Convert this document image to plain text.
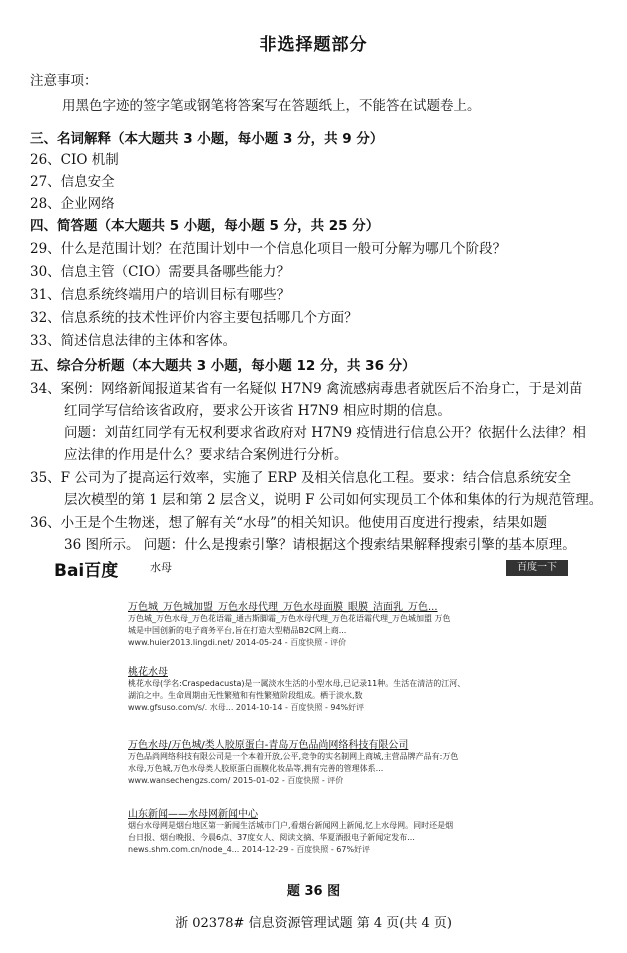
非选择题部分
注意事项：
用黑色字迹的签字笔或钢笔将答案写在答题纸上，不能答在试题卷上。
三、名词解释（本大题共 3 小题，每小题 3 分，共 9 分）
26、CIO 机制
27、信息安全
28、企业网络
四、简答题（本大题共 5 小题，每小题 5 分，共 25 分）
29、什么是范围计划？在范围计划中一个信息化项目一般可分解为哪几个阶段？
30、信息主管（CIO）需要具备哪些能力？
31、信息系统终端用户的培训目标有哪些？
32、信息系统的技术性评价内容主要包括哪几个方面？
33、简述信息法律的主体和客体。
五、综合分析题（本大题共 3 小题，每小题 12 分，共 36 分）
34、案例：网络新闻报道某省有一名疑似 H7N9 禽流感病毒患者就医后不治身亡，于是刘苗
红同学写信给该省政府，要求公开该省 H7N9 相应时期的信息。
问题：刘苗红同学有无权利要求省政府对 H7N9 疫情进行信息公开？依据什么法律？相
应法律的作用是什么？要求结合案例进行分析。
35、F 公司为了提高运行效率，实施了 ERP 及相关信息化工程。要求：结合信息系统安全
层次模型的第 1 层和第 2 层含义，说明 F 公司如何实现员工个体和集体的行为规范管理。
36、小王是个生物迷，想了解有关“水母”的相关知识。他使用百度进行搜索，结果如题
36 图所示。 问题：什么是搜索引擎？请根据这个搜索结果解释搜索引擎的基本原理。
Bai百度	水母	百度一下
万色城_万色城加盟_万色水母代理_万色水母面膜_眼膜_洁面乳_万色...
万色城_万色水母_万色花语霜_通古斯脚霜_万色水母代理_万色花语霜代理_万色城加盟 万色
城是中国创新的电子商务平台,旨在打造大型精品B2C网上商...
www.huier2013.lingdi.net/ 2014-05-24 - 百度快照 - 评价
桃花水母
桃花水母(学名:Craspedacusta)是一属淡水生活的小型水母,已记录11种。生活在清洁的江河、
湖泊之中。生命周期由无性繁殖和有性繁殖阶段组成。栖于淡水,数
www.gfsuso.com/s/. 水母... 2014-10-14 - 百度快照 - 94%好评
万色水母/万色城/类人胶原蛋白-青岛万色品尚网络科技有限公司
万色品尚网络科技有限公司是一个本着开放,公平,竞争的实名制网上商城,主营品牌产品有:万色
水母,万色城,万色水母类人胶原蛋白面膜化妆品等,拥有完善的管理体系...
www.wansechengzs.com/ 2015-01-02 - 百度快照 - 评价
山东新闻——水母网新闻中心
烟台水母网是烟台地区第一新闻生活城市门户,看烟台新闻网上新闻,忆上水母网。同时还是烟
台日报、烟台晚报、今晨6点、37度女人、阅读文摘、华夏酒报电子新闻定发布...
news.shm.com.cn/node_4... 2014-12-29 - 百度快照 - 67%好评
题 36 图
浙 02378# 信息资源管理试题 第 4 页(共 4 页)
